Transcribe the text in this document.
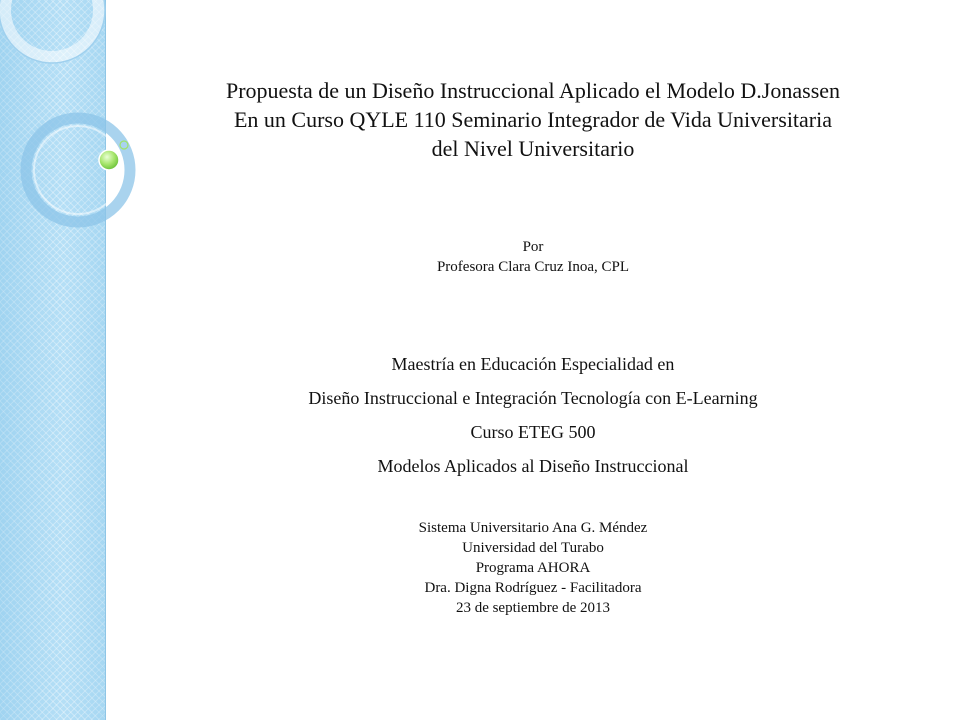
Propuesta de un Diseño Instruccional Aplicado el Modelo D.Jonassen
En un Curso QYLE 110 Seminario Integrador de Vida Universitaria
del Nivel Universitario
Por
Profesora Clara Cruz Inoa, CPL
Maestría en Educación Especialidad en
Diseño Instruccional e Integración Tecnología con E-Learning
Curso ETEG 500
Modelos Aplicados al Diseño Instruccional
Sistema Universitario Ana G. Méndez
Universidad del Turabo
Programa AHORA
Dra. Digna Rodríguez - Facilitadora
23 de septiembre de 2013
